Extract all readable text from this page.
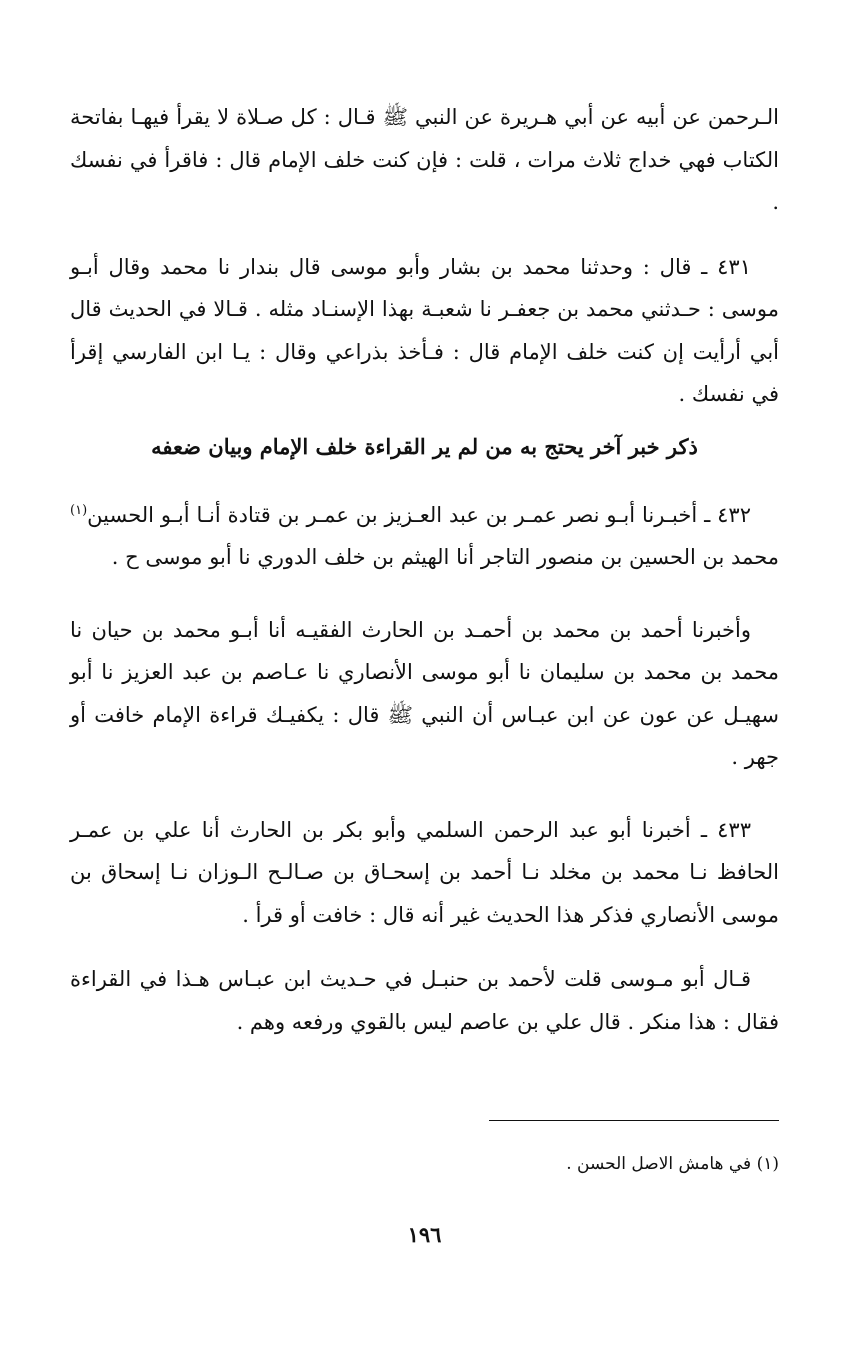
الـرحمن عن أبيه عن أبي هـريرة عن النبي ﷺ قـال : كل صـلاة لا يقرأ فيهـا بفاتحة الكتاب فهي خداج ثلاث مرات ، قلت : فإن كنت خلف الإمام قال : فاقرأ في نفسك .

٤٣١ ـ قال : وحدثنا محمد بن بشار وأبو موسى قال بندار نا محمد وقال أبـو موسى : حـدثني محمد بن جعفـر نا شعبـة بهذا الإسنـاد مثله . قـالا في الحديث قال أبي أرأيت إن كنت خلف الإمام قال : فـأخذ بذراعي وقال : يـا ابن الفارسي إقرأ في نفسك .

ذكر خبر آخر يحتج به من لم ير القراءة خلف الإمام وبيان ضعفه

٤٣٢ ـ أخبـرنا أبـو نصر عمـر بن عبد العـزيز بن عمـر بن قتادة أنـا أبـو الحسين$^{(١)}$ محمد بن الحسين بن منصور التاجر أنا الهيثم بن خلف الدوري نا أبو موسى ح .

وأخبرنا أحمد بن محمد بن أحمـد بن الحارث الفقيـه أنا أبـو محمد بن حيان نا محمد بن محمد بن سليمان نا أبو موسى الأنصاري نا عـاصم بن عبد العزيز نا أبو سهيـل عن عون عن ابن عبـاس أن النبي ﷺ قال : يكفيـك قراءة الإمام خافت أو جهر .

٤٣٣ ـ أخبرنا أبو عبد الرحمن السلمي وأبو بكر بن الحارث أنا علي بن عمـر الحافظ نـا محمد بن مخلد نـا أحمد بن إسحـاق بن صـالـح الـوزان نـا إسحاق بن موسى الأنصاري فذكر هذا الحديث غير أنه قال : خافت أو قرأ .

قـال أبو مـوسى قلت لأحمد بن حنبـل في حـديث ابن عبـاس هـذا في القراءة فقال : هذا منكر . قال علي بن عاصم ليس بالقوي ورفعه وهم .

(١) في هامش الاصل الحسن .
١٩٦
